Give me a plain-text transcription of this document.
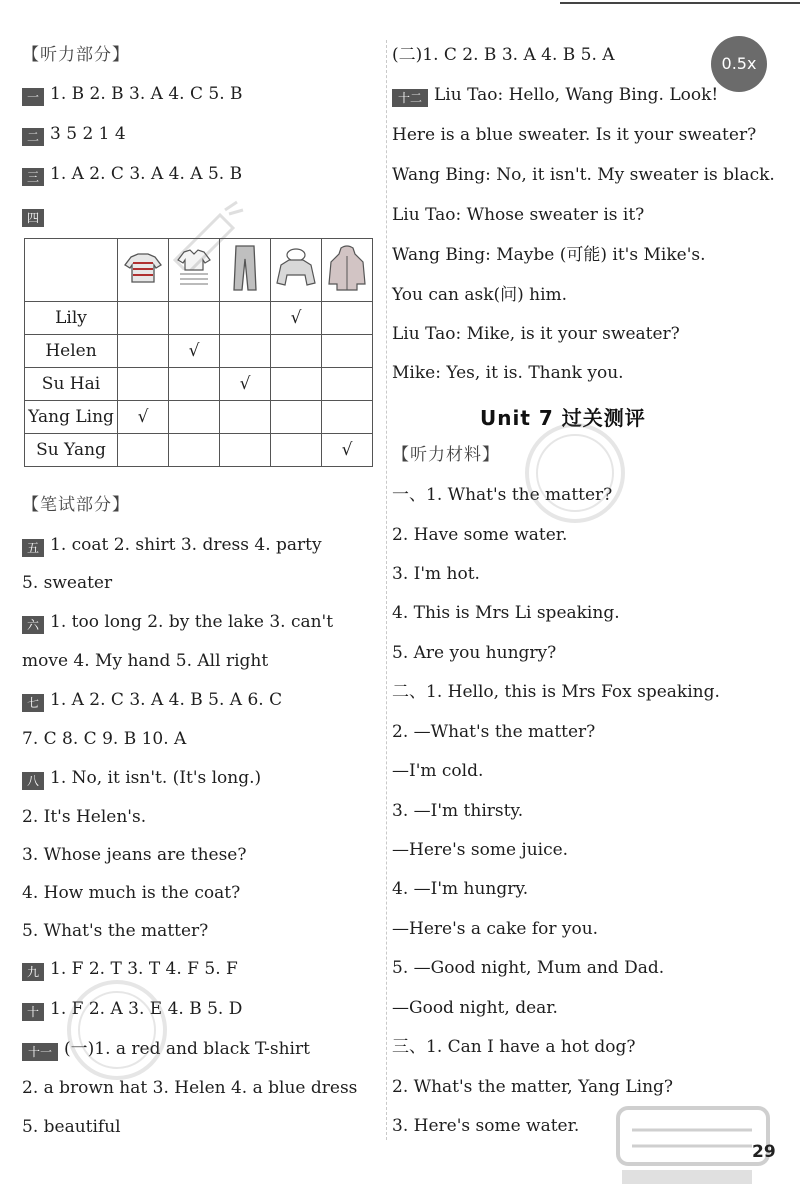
【听力部分】
一 1. B 2. B 3. A 4. C 5. B
二 3 5 2 1 4
三 1. A 2. C 3. A 4. A 5. B
四

Lily				√	
Helen		√			
Su Hai			√		
Yang Ling	√				
Su Yang					√
【笔试部分】
五 1. coat 2. shirt 3. dress 4. party
5. sweater
六 1. too long 2. by the lake 3. can't
move 4. My hand 5. All right
七 1. A 2. C 3. A 4. B 5. A 6. C
7. C 8. C 9. B 10. A
八 1. No, it isn't. (It's long.)
2. It's Helen's.
3. Whose jeans are these?
4. How much is the coat?
5. What's the matter?
九 1. F 2. T 3. T 4. F 5. F
十 1. F 2. A 3. E 4. B 5. D
十一 (一)1. a red and black T-shirt
2. a brown hat 3. Helen 4. a blue dress
5. beautiful
(二)1. C 2. B 3. A 4. B 5. A
十二 Liu Tao: Hello, Wang Bing. Look!
Here is a blue sweater. Is it your sweater?
Wang Bing: No, it isn't. My sweater is black.
Liu Tao: Whose sweater is it?
Wang Bing: Maybe (可能) it's Mike's.
You can ask(问) him.
Liu Tao: Mike, is it your sweater?
Mike: Yes, it is. Thank you.
Unit 7 过关测评
【听力材料】
一、1. What's the matter?
2. Have some water.
3. I'm hot.
4. This is Mrs Li speaking.
5. Are you hungry?
二、1. Hello, this is Mrs Fox speaking.
2. —What's the matter?
—I'm cold.
3. —I'm thirsty.
—Here's some juice.
4. —I'm hungry.
—Here's a cake for you.
5. —Good night, Mum and Dad.
—Good night, dear.
三、1. Can I have a hot dog?
2. What's the matter, Yang Ling?
3. Here's some water.
0.5x
29
